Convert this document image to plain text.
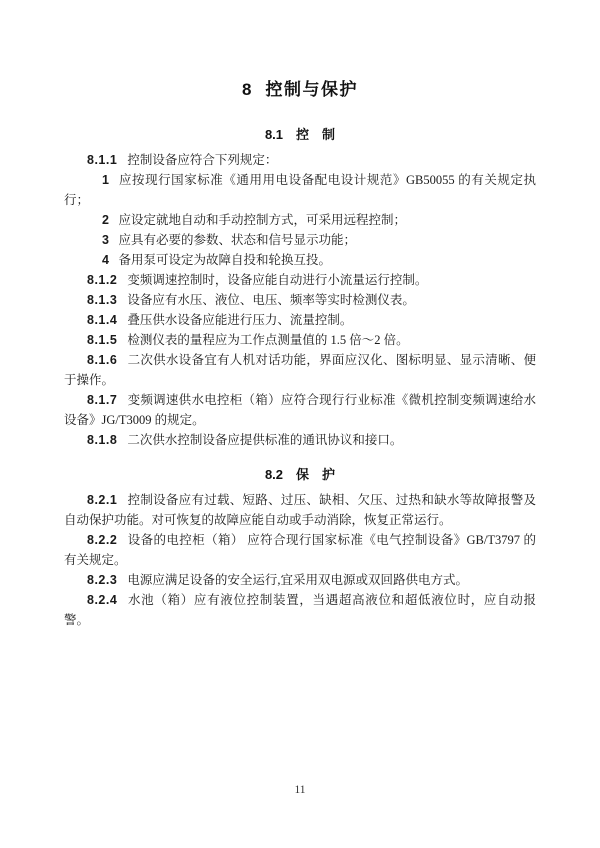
8 控制与保护
8.1　控　制

8.1.1 控制设备应符合下列规定：

1 应按现行国家标准《通用用电设备配电设计规范》GB50055 的有关规定执行；

2 应设定就地自动和手动控制方式，可采用远程控制；

3 应具有必要的参数、状态和信号显示功能；

4 备用泵可设定为故障自投和轮换互投。

8.1.2 变频调速控制时，设备应能自动进行小流量运行控制。

8.1.3 设备应有水压、液位、电压、频率等实时检测仪表。

8.1.4 叠压供水设备应能进行压力、流量控制。

8.1.5 检测仪表的量程应为工作点测量值的 1.5 倍～2 倍。

8.1.6 二次供水设备宜有人机对话功能，界面应汉化、图标明显、显示清晰、便于操作。

8.1.7 变频调速供水电控柜（箱）应符合现行行业标准《微机控制变频调速给水设备》JG/T3009 的规定。

8.1.8 二次供水控制设备应提供标准的通讯协议和接口。

8.2　保　护

8.2.1 控制设备应有过载、短路、过压、缺相、欠压、过热和缺水等故障报警及自动保护功能。对可恢复的故障应能自动或手动消除，恢复正常运行。

8.2.2 设备的电控柜（箱） 应符合现行国家标准《电气控制设备》GB/T3797 的有关规定。

8.2.3 电源应满足设备的安全运行,宜采用双电源或双回路供电方式。

8.2.4 水池（箱）应有液位控制装置，当遇超高液位和超低液位时，应自动报警。

11
